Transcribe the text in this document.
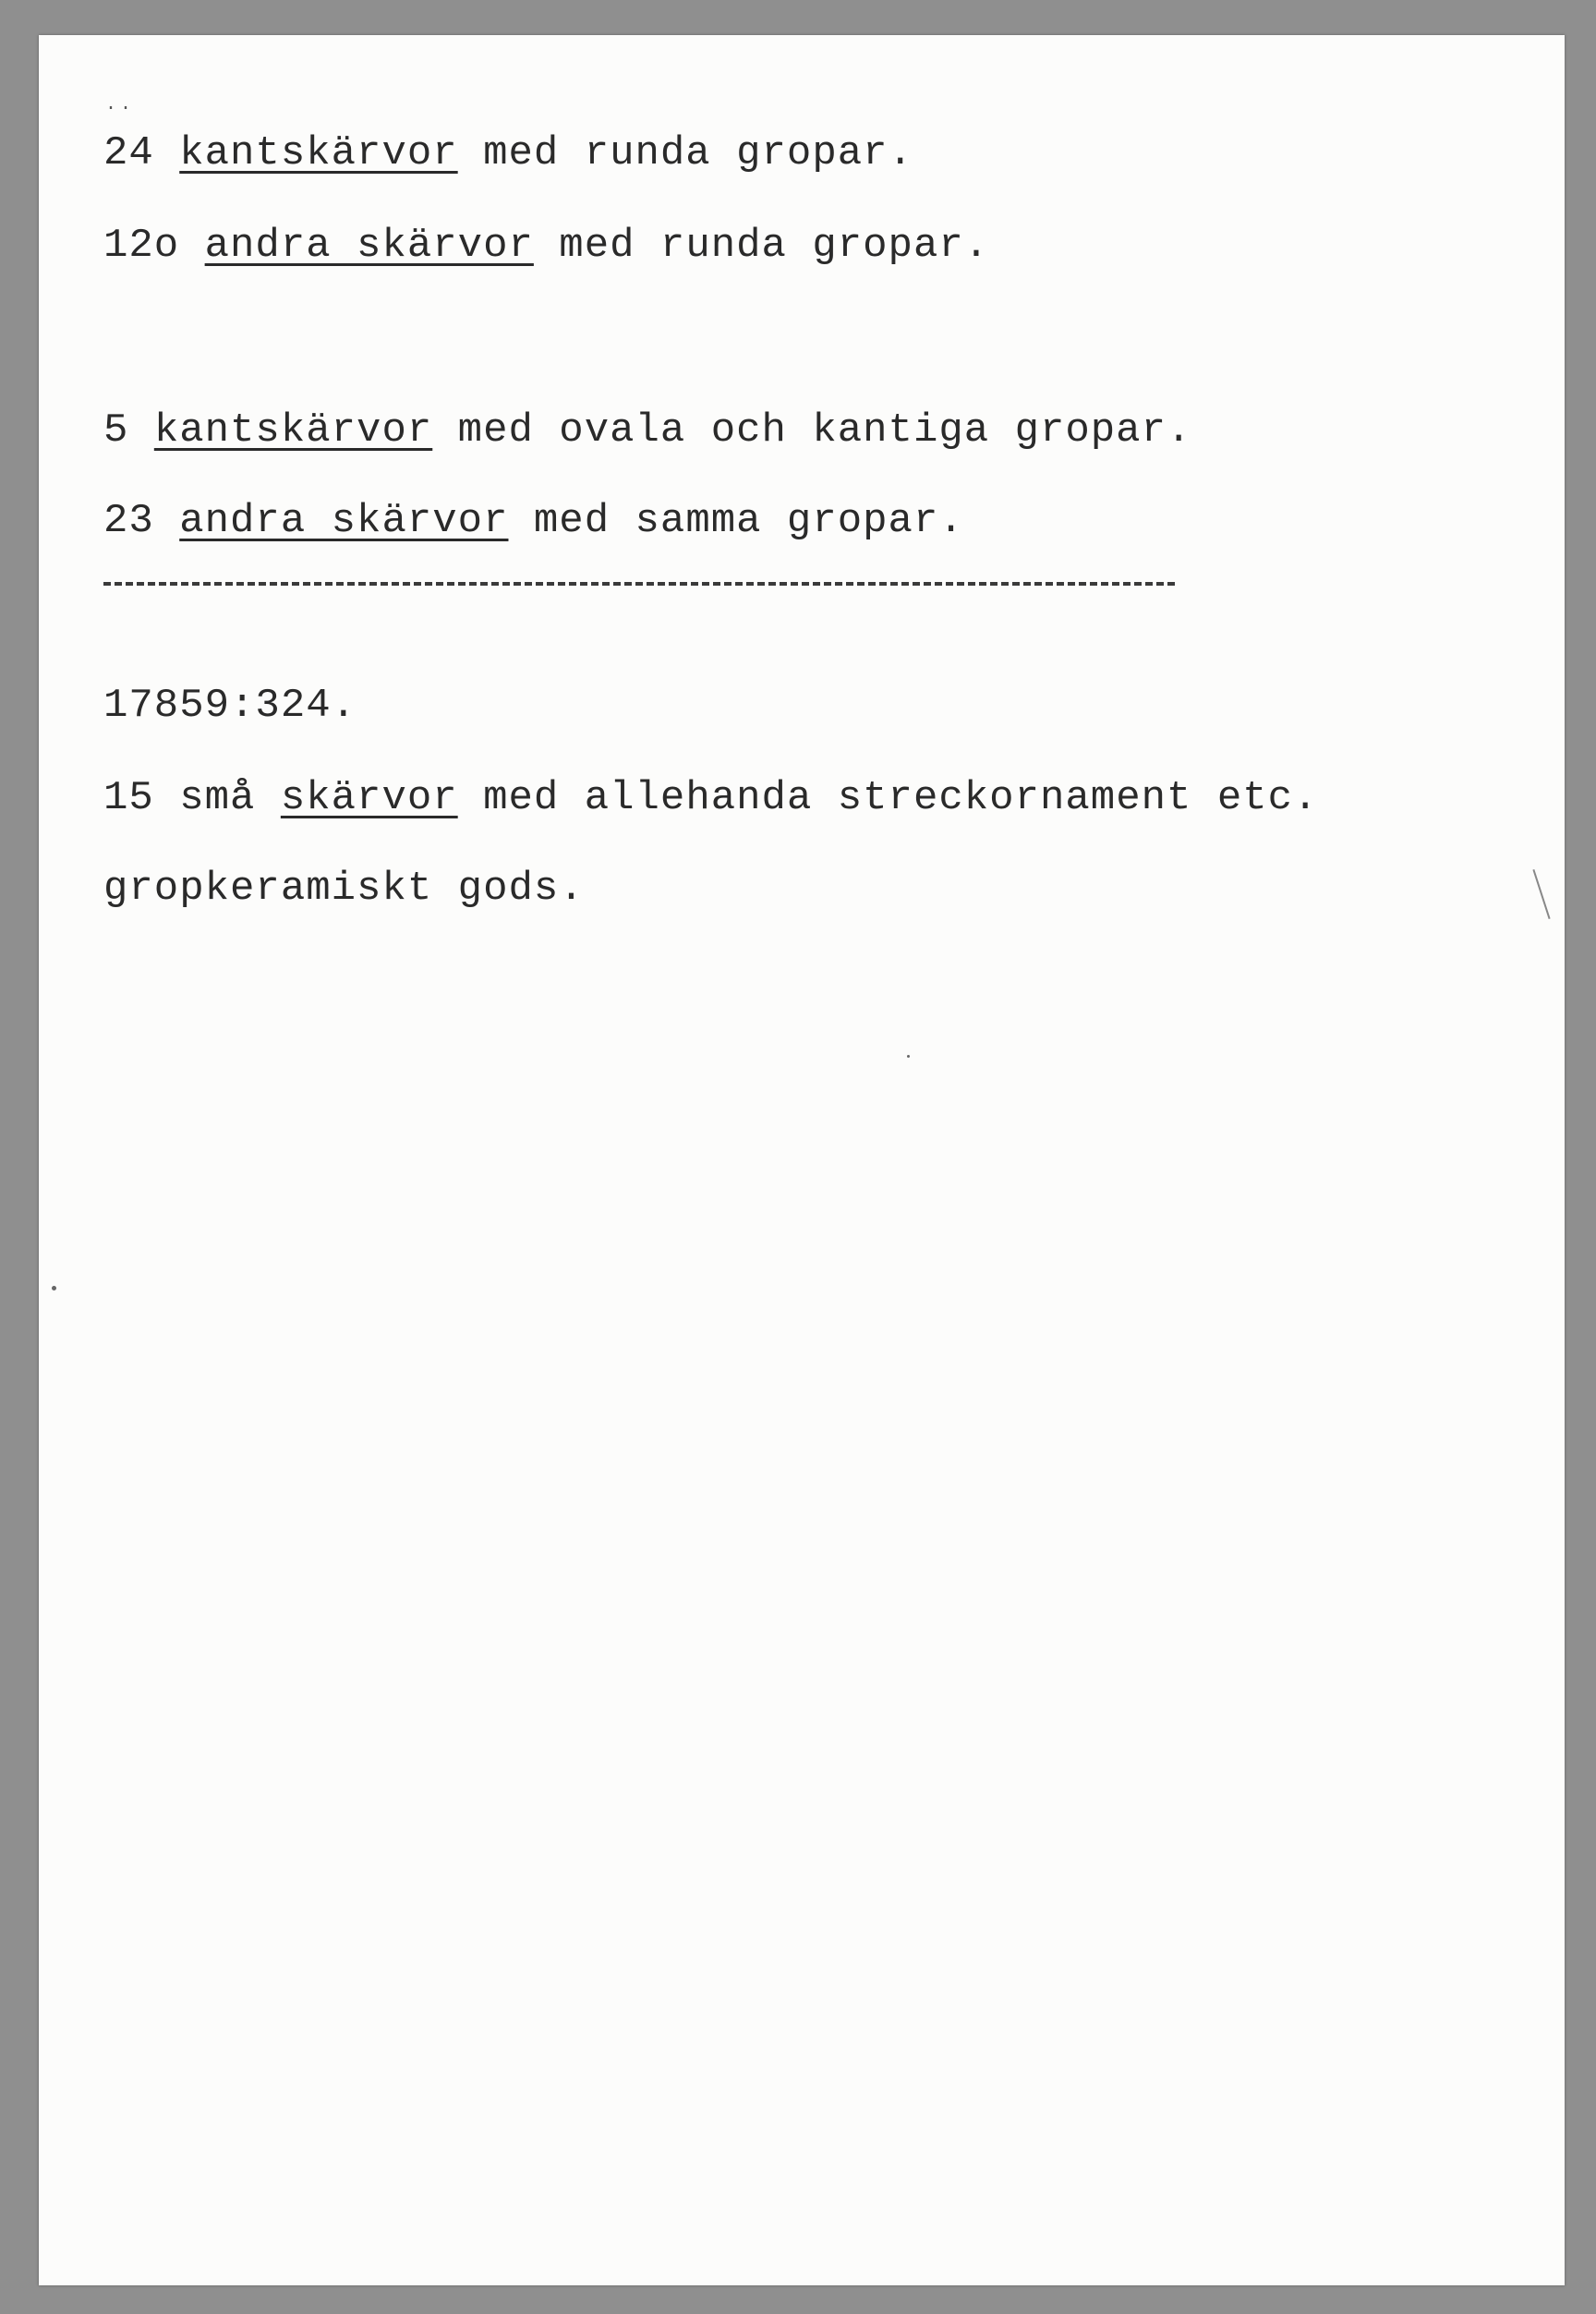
..
24 kantskärvor med runda gropar.
12o andra skärvor med runda gropar.
5 kantskärvor med ovala och kantiga gropar.
23 andra skärvor med samma gropar.
17859:324.
15 små skärvor med allehanda streckornament etc.
gropkeramiskt gods.
